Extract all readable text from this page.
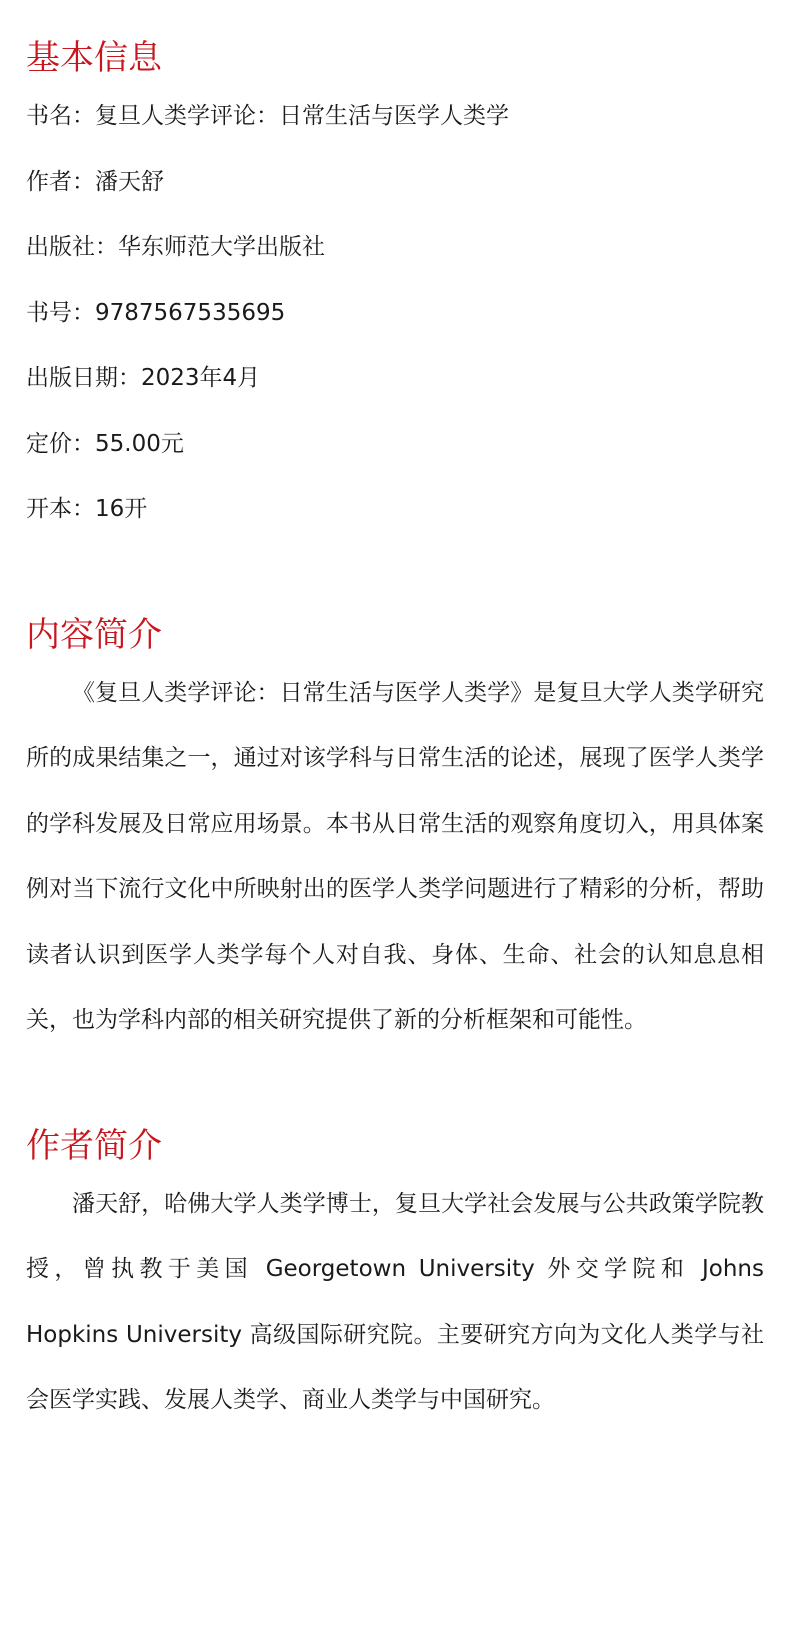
基本信息
书名：复旦人类学评论：日常生活与医学人类学
作者：潘天舒
出版社：华东师范大学出版社
书号：9787567535695
出版日期：2023年4月
定价：55.00元
开本：16开
内容简介

《复旦人类学评论：日常生活与医学人类学》是复旦大学人类学研究所的成果结集之一，通过对该学科与日常生活的论述，展现了医学人类学的学科发展及日常应用场景。本书从日常生活的观察角度切入，用具体案例对当下流行文化中所映射出的医学人类学问题进行了精彩的分析，帮助读者认识到医学人类学每个人对自我、身体、生命、社会的认知息息相关，也为学科内部的相关研究提供了新的分析框架和可能性。

作者简介

潘天舒，哈佛大学人类学博士，复旦大学社会发展与公共政策学院教授，曾执教于美国 Georgetown University 外交学院和 Johns Hopkins University 高级国际研究院。主要研究方向为文化人类学与社会医学实践、发展人类学、商业人类学与中国研究。
